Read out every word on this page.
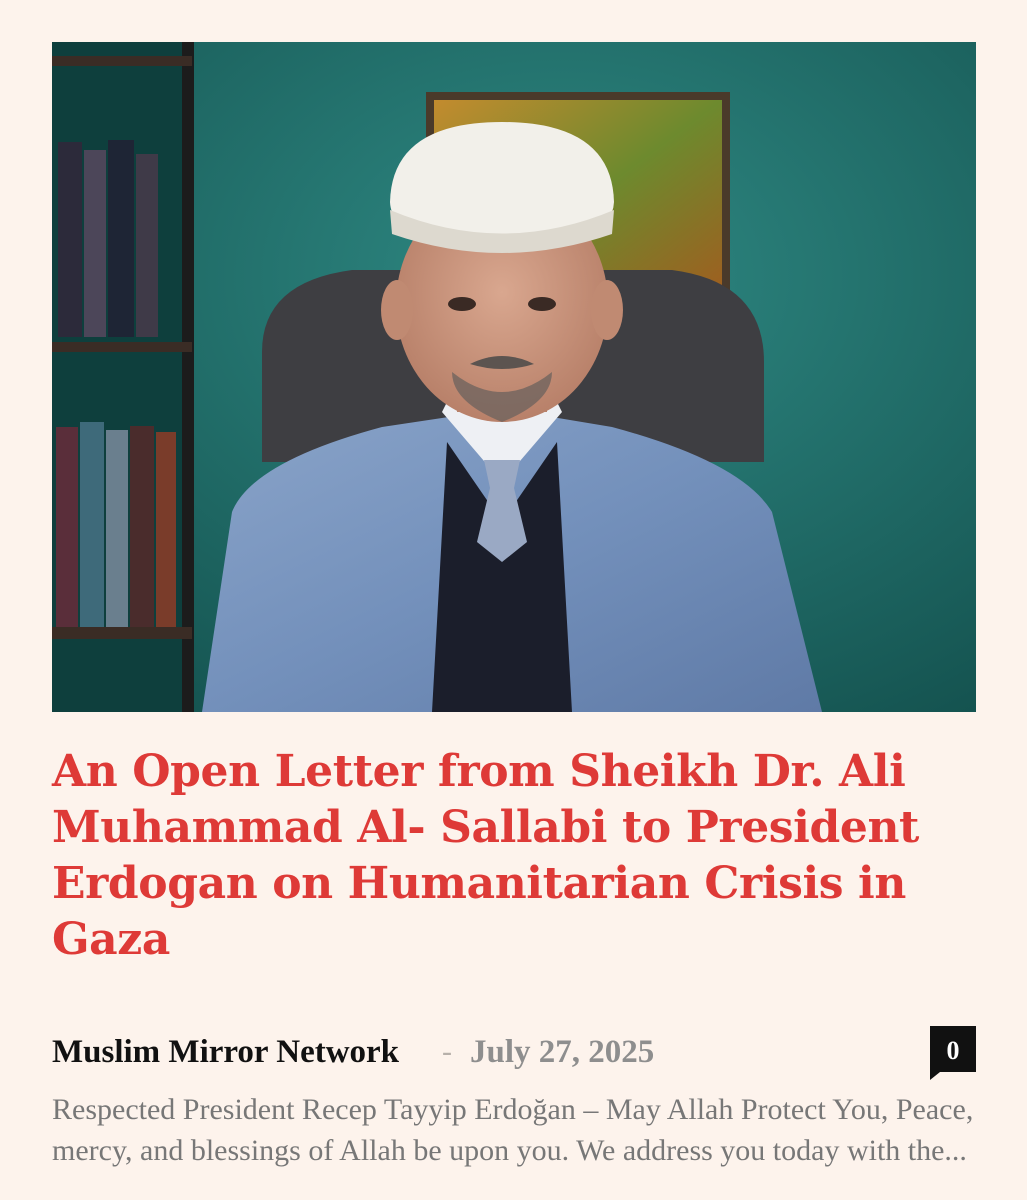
An Open Letter from Sheikh Dr. Ali Muhammad Al- Sallabi to President Erdogan on Humanitarian Crisis in Gaza
Muslim Mirror Network - July 27, 2025	0

Respected President Recep Tayyip Erdoğan – May Allah Protect You, Peace, mercy, and blessings of Allah be upon you. We address you today with the...
